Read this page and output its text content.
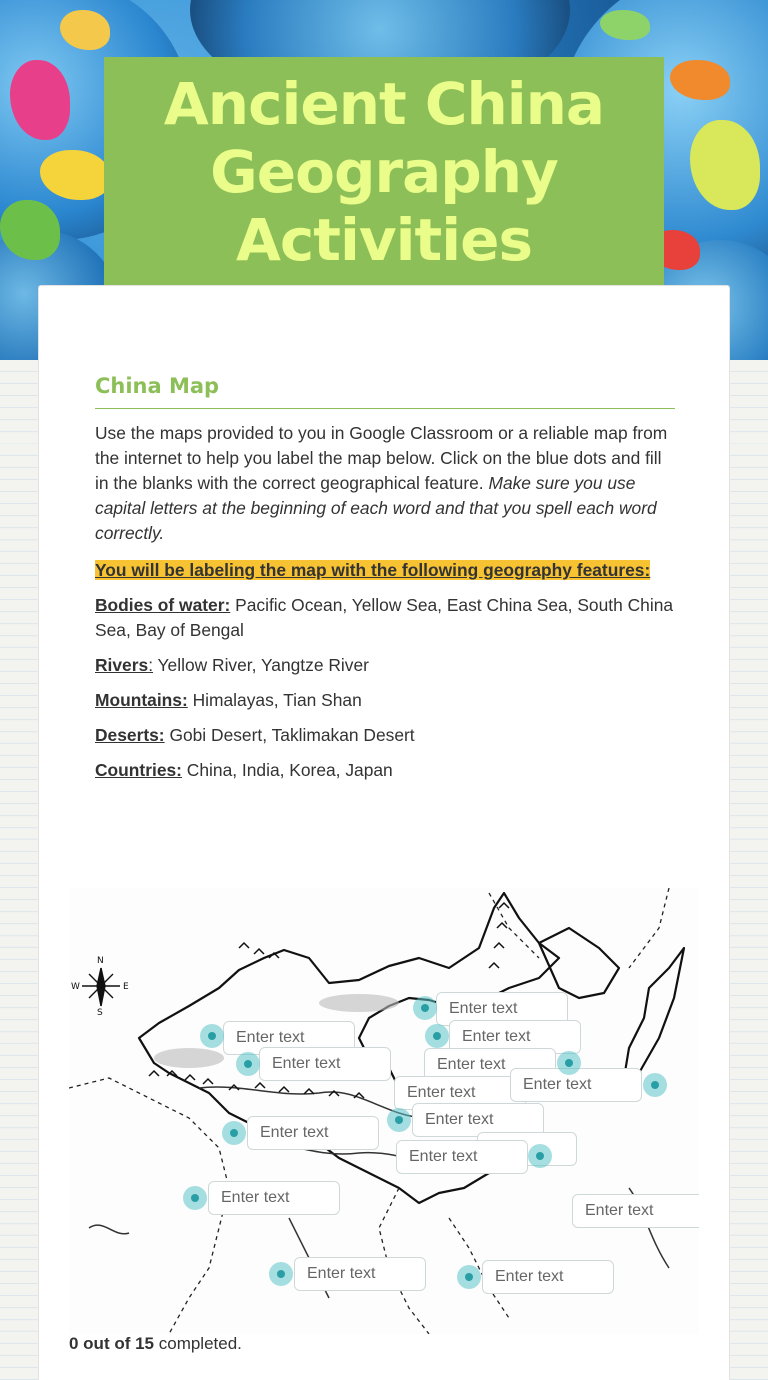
Ancient China Geography Activities
China Map

Use the maps provided to you in Google Classroom or a reliable map from the internet to help you label the map below. Click on the blue dots and fill in the blanks with the correct geographical feature. Make sure you use capital letters at the beginning of each word and that you spell each word correctly.

You will be labeling the map with the following geography features:

Bodies of water: Pacific Ocean, Yellow Sea, East China Sea, South China Sea, Bay of Bengal

Rivers: Yellow River, Yangtze River

Mountains: Himalayas, Tian Shan

Deserts: Gobi Desert, Taklimakan Desert

Countries: China, India, Korea, Japan

N
S
E
W
Enter text
Enter text
Enter text
Enter text
Enter text
Enter text	Enter text
Enter text
Enter text
Enter text
Enter text
Enter text
Enter text	Enter text
0 out of 15 completed.
